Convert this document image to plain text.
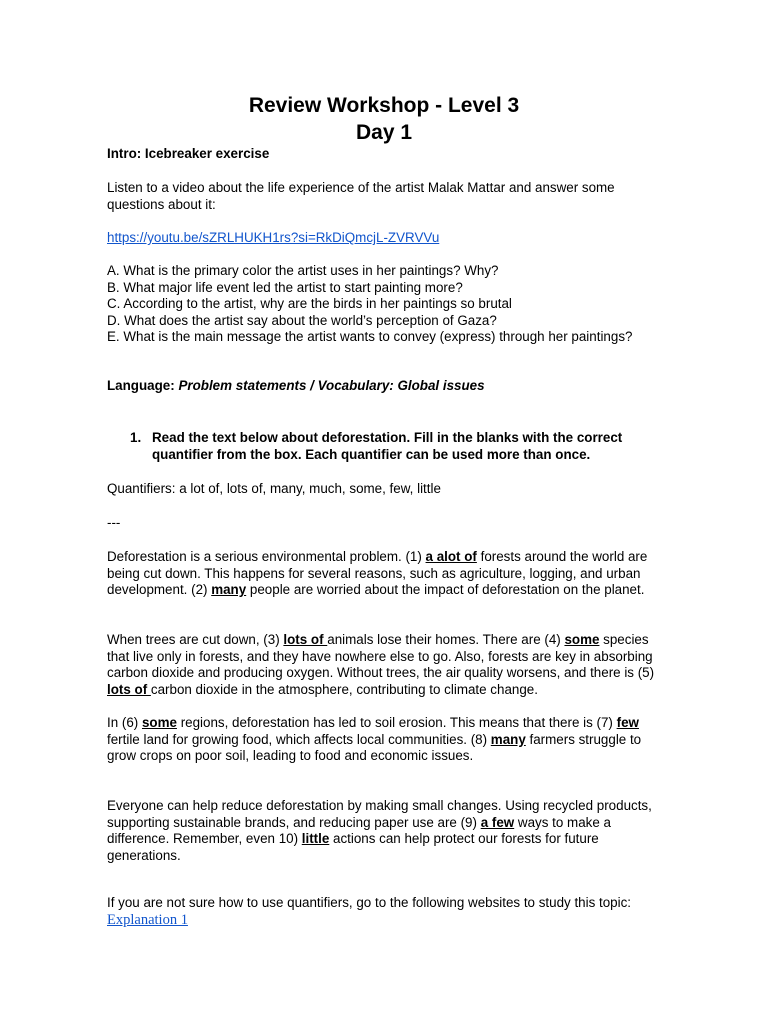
Review Workshop - Level 3
Day 1

Intro: Icebreaker exercise

Listen to a video about the life experience of the artist Malak Mattar and answer some questions about it:

https://youtu.be/sZRLHUKH1rs?si=RkDiQmcjL-ZVRVVu

A. What is the primary color the artist uses in her paintings? Why?
B. What major life event led the artist to start painting more?
C. According to the artist, why are the birds in her paintings so brutal
D. What does the artist say about the world’s perception of Gaza?
E. What is the main message the artist wants to convey (express) through her paintings?

Language: Problem statements / Vocabulary: Global issues

1. Read the text below about deforestation. Fill in the blanks with the correct quantifier from the box. Each quantifier can be used more than once.

Quantifiers: a lot of, lots of, many, much, some, few, little

---

Deforestation is a serious environmental problem. (1) a alot of forests around the world are being cut down. This happens for several reasons, such as agriculture, logging, and urban development. (2) many people are worried about the impact of deforestation on the planet.

When trees are cut down, (3) lots of animals lose their homes. There are (4) some species that live only in forests, and they have nowhere else to go. Also, forests are key in absorbing carbon dioxide and producing oxygen. Without trees, the air quality worsens, and there is (5) lots of carbon dioxide in the atmosphere, contributing to climate change.

In (6) some regions, deforestation has led to soil erosion. This means that there is (7) few fertile land for growing food, which affects local communities. (8) many farmers struggle to grow crops on poor soil, leading to food and economic issues.

Everyone can help reduce deforestation by making small changes. Using recycled products, supporting sustainable brands, and reducing paper use are (9) a few ways to make a difference. Remember, even 10) little actions can help protect our forests for future generations.

If you are not sure how to use quantifiers, go to the following websites to study this topic:

Explanation 1
